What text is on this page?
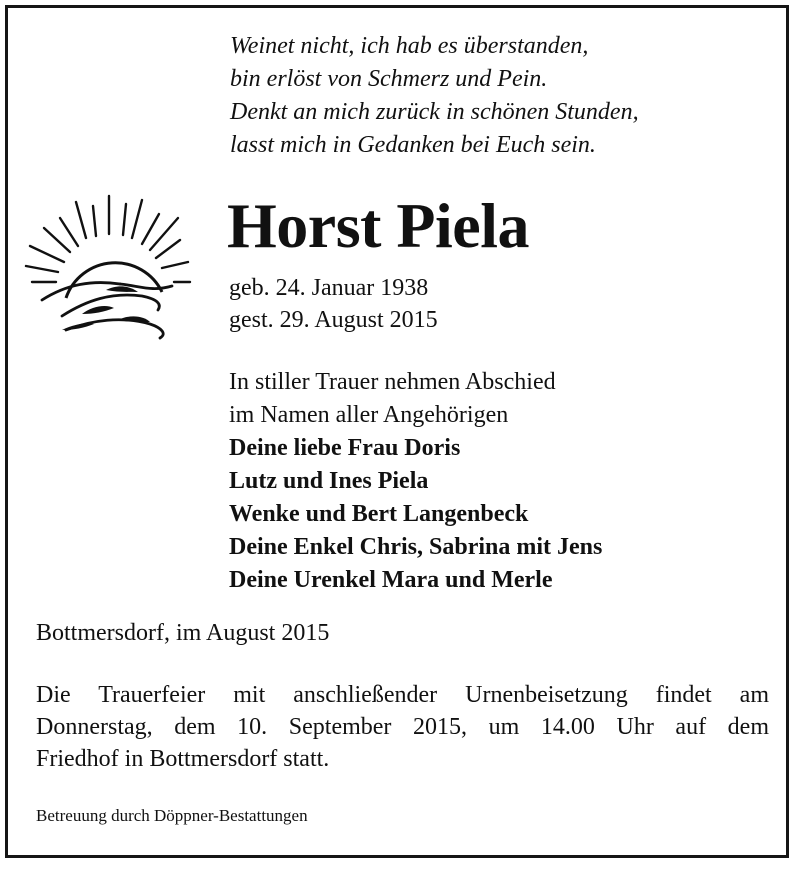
Weinet nicht, ich hab es überstanden,
bin erlöst von Schmerz und Pein.
Denkt an mich zurück in schönen Stunden,
lasst mich in Gedanken bei Euch sein.
Horst Piela
geb. 24. Januar 1938
gest. 29. August 2015
In stiller Trauer nehmen Abschied
im Namen aller Angehörigen
Deine liebe Frau Doris
Lutz und Ines Piela
Wenke und Bert Langenbeck
Deine Enkel Chris, Sabrina mit Jens
Deine Urenkel Mara und Merle
Bottmersdorf, im August 2015
Die Trauerfeier mit anschließender Urnenbeisetzung findet am
Donnerstag, dem 10. September 2015, um 14.00 Uhr auf dem
Friedhof in Bottmersdorf statt.
Betreuung durch Döppner-Bestattungen
